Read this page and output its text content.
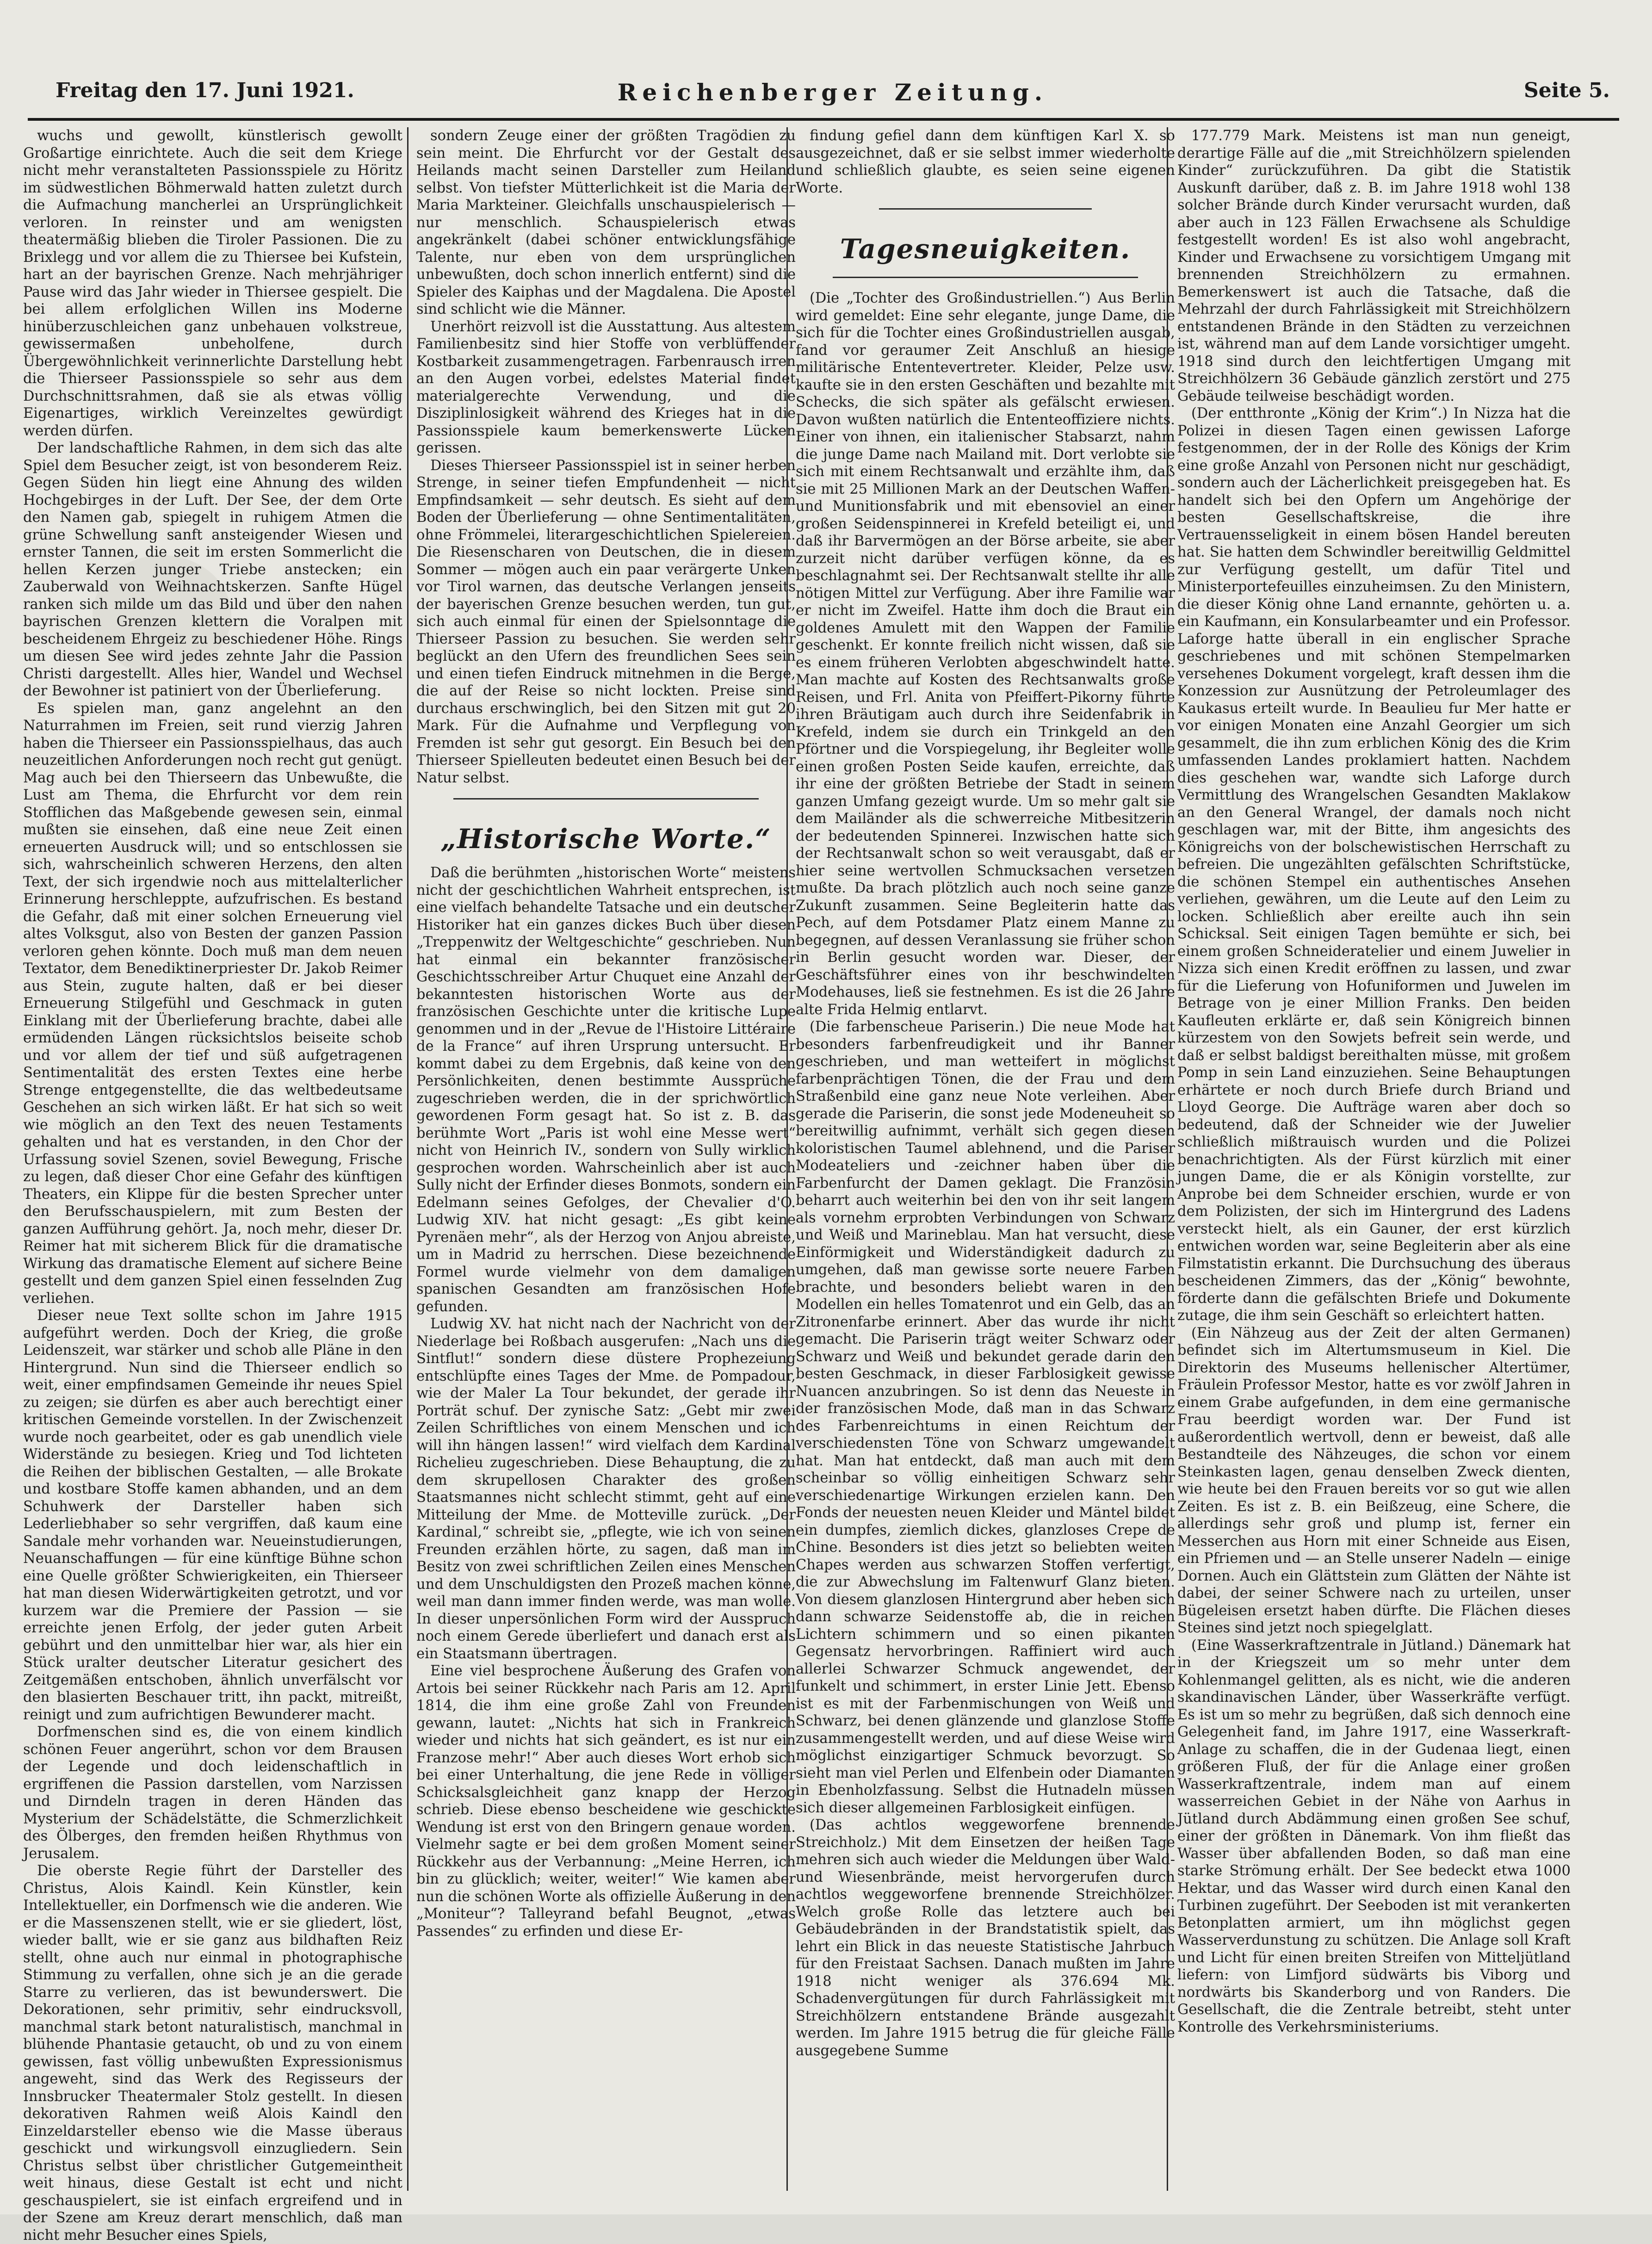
Freitag den 17. Juni 1921.	Reichenberger Zeitung.	Seite 5.

wuchs und gewollt, künstlerisch gewollt Großartige einrichtete. Auch die seit dem Kriege nicht mehr veranstalteten Passionsspiele zu Höritz im südwestlichen Böhmerwald hatten zuletzt durch die Aufmachung mancherlei an Ursprünglichkeit verloren. In reinster und am wenigsten theatermäßig blieben die Tiroler Passionen. Die zu Brixlegg und vor allem die zu Thiersee bei Kufstein, hart an der bayrischen Grenze. Nach mehrjähriger Pause wird das Jahr wieder in Thiersee gespielt. Die bei allem erfolglichen Willen ins Moderne hinüberzuschleichen ganz unbehauen volkstreue, gewissermaßen unbeholfene, durch Übergewöhnlichkeit verinnerlichte Darstellung hebt die Thierseer Passionsspiele so sehr aus dem Durchschnittsrahmen, daß sie als etwas völlig Eigenartiges, wirklich Vereinzeltes gewürdigt werden dürfen.

Der landschaftliche Rahmen, in dem sich das alte Spiel dem Besucher zeigt, ist von besonderem Reiz. Gegen Süden hin liegt eine Ahnung des wilden Hochgebirges in der Luft. Der See, der dem Orte den Namen gab, spiegelt in ruhigem Atmen die grüne Schwellung sanft ansteigender Wiesen und ernster Tannen, die seit im ersten Sommerlicht die hellen Kerzen junger Triebe anstecken; ein Zauberwald von Weihnachtskerzen. Sanfte Hügel ranken sich milde um das Bild und über den nahen bayrischen Grenzen klettern die Voralpen mit bescheidenem Ehrgeiz zu beschiedener Höhe. Rings um diesen See wird jedes zehnte Jahr die Passion Christi dargestellt. Alles hier, Wandel und Wechsel der Bewohner ist patiniert von der Überlieferung.

Es spielen man, ganz angelehnt an den Naturrahmen im Freien, seit rund vierzig Jahren haben die Thierseer ein Passionsspielhaus, das auch neuzeitlichen Anforderungen noch recht gut genügt. Mag auch bei den Thierseern das Unbewußte, die Lust am Thema, die Ehrfurcht vor dem rein Stofflichen das Maßgebende gewesen sein, einmal mußten sie einsehen, daß eine neue Zeit einen erneuerten Ausdruck will; und so entschlossen sie sich, wahrscheinlich schweren Herzens, den alten Text, der sich irgendwie noch aus mittelalterlicher Erinnerung herschleppte, aufzufrischen. Es bestand die Gefahr, daß mit einer solchen Erneuerung viel altes Volksgut, also von Besten der ganzen Passion verloren gehen könnte. Doch muß man dem neuen Textator, dem Benediktinerpriester Dr. Jakob Reimer aus Stein, zugute halten, daß er bei dieser Erneuerung Stilgefühl und Geschmack in guten Einklang mit der Überlieferung brachte, dabei alle ermüdenden Längen rücksichtslos beiseite schob und vor allem der tief und süß aufgetragenen Sentimentalität des ersten Textes eine herbe Strenge entgegenstellte, die das weltbedeutsame Geschehen an sich wirken läßt. Er hat sich so weit wie möglich an den Text des neuen Testaments gehalten und hat es verstanden, in den Chor der Urfassung soviel Szenen, soviel Bewegung, Frische zu legen, daß dieser Chor eine Gefahr des künftigen Theaters, ein Klippe für die besten Sprecher unter den Berufsschauspielern, mit zum Besten der ganzen Aufführung gehört. Ja, noch mehr, dieser Dr. Reimer hat mit sicherem Blick für die dramatische Wirkung das dramatische Element auf sichere Beine gestellt und dem ganzen Spiel einen fesselnden Zug verliehen.

Dieser neue Text sollte schon im Jahre 1915 aufgeführt werden. Doch der Krieg, die große Leidenszeit, war stärker und schob alle Pläne in den Hintergrund. Nun sind die Thierseer endlich so weit, einer empfindsamen Gemeinde ihr neues Spiel zu zeigen; sie dürfen es aber auch berechtigt einer kritischen Gemeinde vorstellen. In der Zwischenzeit wurde noch gearbeitet, oder es gab unendlich viele Widerstände zu besiegen. Krieg und Tod lichteten die Reihen der biblischen Gestalten, — alle Brokate und kostbare Stoffe kamen abhanden, und an dem Schuhwerk der Darsteller haben sich Lederliebhaber so sehr vergriffen, daß kaum eine Sandale mehr vorhanden war. Neueinstudierungen, Neuanschaffungen — für eine künftige Bühne schon eine Quelle größter Schwierigkeiten, ein Thierseer hat man diesen Widerwärtigkeiten getrotzt, und vor kurzem war die Premiere der Passion — sie erreichte jenen Erfolg, der jeder guten Arbeit gebührt und den unmittelbar hier war, als hier ein Stück uralter deutscher Literatur gesichert des Zeitgemäßen entschoben, ähnlich unverfälscht vor den blasierten Beschauer tritt, ihn packt, mitreißt, reinigt und zum aufrichtigen Bewunderer macht.

Dorfmenschen sind es, die von einem kindlich schönen Feuer angerührt, schon vor dem Brausen der Legende und doch leidenschaftlich in ergriffenen die Passion darstellen, vom Narzissen und Dirndeln tragen in deren Händen das Mysterium der Schädelstätte, die Schmerzlichkeit des Ölberges, den fremden heißen Rhythmus von Jerusalem.

Die oberste Regie führt der Darsteller des Christus, Alois Kaindl. Kein Künstler, kein Intellektueller, ein Dorfmensch wie die anderen. Wie er die Massenszenen stellt, wie er sie gliedert, löst, wieder ballt, wie er sie ganz aus bildhaften Reiz stellt, ohne auch nur einmal in photographische Stimmung zu verfallen, ohne sich je an die gerade Starre zu verlieren, das ist bewunderswert. Die Dekorationen, sehr primitiv, sehr eindrucksvoll, manchmal stark betont naturalistisch, manchmal in blühende Phantasie getaucht, ob und zu von einem gewissen, fast völlig unbewußten Expressionismus angeweht, sind das Werk des Regisseurs der Innsbrucker Theatermaler Stolz gestellt. In diesen dekorativen Rahmen weiß Alois Kaindl den Einzeldarsteller ebenso wie die Masse überaus geschickt und wirkungsvoll einzugliedern. Sein Christus selbst über christlicher Gutgemeintheit weit hinaus, diese Gestalt ist echt und nicht geschauspielert, sie ist einfach ergreifend und in der Szene am Kreuz derart menschlich, daß man nicht mehr Besucher eines Spiels,

sondern Zeuge einer der größten Tragödien zu sein meint. Die Ehrfurcht vor der Gestalt des Heilands macht seinen Darsteller zum Heiland selbst. Von tiefster Mütterlichkeit ist die Maria der Maria Markteiner. Gleichfalls unschauspielerisch — nur menschlich. Schauspielerisch etwas angekränkelt (dabei schöner entwicklungsfähige Talente, nur eben von dem ursprünglichen unbewußten, doch schon innerlich entfernt) sind die Spieler des Kaiphas und der Magdalena. Die Apostel sind schlicht wie die Männer.

Unerhört reizvoll ist die Ausstattung. Aus altestem Familienbesitz sind hier Stoffe von verblüffender Kostbarkeit zusammengetragen. Farbenrausch irren an den Augen vorbei, edelstes Material findet materialgerechte Verwendung, und die Disziplinlosigkeit während des Krieges hat in die Passionsspiele kaum bemerkenswerte Lücken gerissen.

Dieses Thierseer Passionsspiel ist in seiner herben Strenge, in seiner tiefen Empfundenheit — nicht Empfindsamkeit — sehr deutsch. Es sieht auf dem Boden der Überlieferung — ohne Sentimentalitäten, ohne Frömmelei, literargeschichtlichen Spielereien. Die Riesenscharen von Deutschen, die in diesem Sommer — mögen auch ein paar verärgerte Unken vor Tirol warnen, das deutsche Verlangen jenseits der bayerischen Grenze besuchen werden, tun gut, sich auch einmal für einen der Spielsonntage die Thierseer Passion zu besuchen. Sie werden sehr beglückt an den Ufern des freundlichen Sees sein und einen tiefen Eindruck mitnehmen in die Berge, die auf der Reise so nicht lockten. Preise sind durchaus erschwinglich, bei den Sitzen mit gut 20 Mark. Für die Aufnahme und Verpflegung von Fremden ist sehr gut gesorgt. Ein Besuch bei den Thierseer Spielleuten bedeutet einen Besuch bei der Natur selbst.

„Historische Worte.“

Daß die berühmten „historischen Worte“ meistens nicht der geschichtlichen Wahrheit entsprechen, ist eine vielfach behandelte Tatsache und ein deutscher Historiker hat ein ganzes dickes Buch über diesen „Treppenwitz der Weltgeschichte“ geschrieben. Nun hat einmal ein bekannter französischer Geschichtsschreiber Artur Chuquet eine Anzahl der bekanntesten historischen Worte aus der französischen Geschichte unter die kritische Lupe genommen und in der „Revue de l'Histoire Littéraire de la France“ auf ihren Ursprung untersucht. Er kommt dabei zu dem Ergebnis, daß keine von den Persönlichkeiten, denen bestimmte Aussprüche zugeschrieben werden, die in der sprichwörtlich gewordenen Form gesagt hat. So ist z. B. das berühmte Wort „Paris ist wohl eine Messe wert“ nicht von Heinrich IV., sondern von Sully wirklich gesprochen worden. Wahrscheinlich aber ist auch Sully nicht der Erfinder dieses Bonmots, sondern ein Edelmann seines Gefolges, der Chevalier d'O. Ludwig XIV. hat nicht gesagt: „Es gibt keine Pyrenäen mehr“, als der Herzog von Anjou abreiste, um in Madrid zu herrschen. Diese bezeichnende Formel wurde vielmehr von dem damaligen spanischen Gesandten am französischen Hofe gefunden.

Ludwig XV. hat nicht nach der Nachricht von der Niederlage bei Roßbach ausgerufen: „Nach uns die Sintflut!“ sondern diese düstere Prophezeiung entschlüpfte eines Tages der Mme. de Pompadour, wie der Maler La Tour bekundet, der gerade ihr Porträt schuf. Der zynische Satz: „Gebt mir zwei Zeilen Schriftliches von einem Menschen und ich will ihn hängen lassen!“ wird vielfach dem Kardinal Richelieu zugeschrieben. Diese Behauptung, die zu dem skrupellosen Charakter des großen Staatsmannes nicht schlecht stimmt, geht auf eine Mitteilung der Mme. de Motteville zurück. „Der Kardinal,“ schreibt sie, „pflegte, wie ich von seinen Freunden erzählen hörte, zu sagen, daß man im Besitz von zwei schriftlichen Zeilen eines Menschen und dem Unschuldigsten den Prozeß machen könne, weil man dann immer finden werde, was man wolle. In dieser unpersönlichen Form wird der Ausspruch noch einem Gerede überliefert und danach erst als ein Staatsmann übertragen.

Eine viel besprochene Äußerung des Grafen von Artois bei seiner Rückkehr nach Paris am 12. April 1814, die ihm eine große Zahl von Freunden gewann, lautet: „Nichts hat sich in Frankreich wieder und nichts hat sich geändert, es ist nur ein Franzose mehr!“ Aber auch dieses Wort erhob sich bei einer Unterhaltung, die jene Rede in völliger Schicksalsgleichheit ganz knapp der Herzog schrieb. Diese ebenso bescheidene wie geschickte Wendung ist erst von den Bringern genaue worden. Vielmehr sagte er bei dem großen Moment seiner Rückkehr aus der Verbannung: „Meine Herren, ich bin zu glücklich; weiter, weiter!“ Wie kamen aber nun die schönen Worte als offizielle Äußerung in den „Moniteur“? Talleyrand befahl Beugnot, „etwas Passendes“ zu erfinden und diese Er-

findung gefiel dann dem künftigen Karl X. so ausgezeichnet, daß er sie selbst immer wiederholte und schließlich glaubte, es seien seine eigenen Worte.

Tagesneuigkeiten.

(Die „Tochter des Großindustriellen.“) Aus Berlin wird gemeldet: Eine sehr elegante, junge Dame, die sich für die Tochter eines Großindustriellen ausgab, fand vor geraumer Zeit Anschluß an hiesige militärische Ententevertreter. Kleider, Pelze usw. kaufte sie in den ersten Geschäften und bezahlte mit Schecks, die sich später als gefälscht erwiesen. Davon wußten natürlich die Ententeoffiziere nichts. Einer von ihnen, ein italienischer Stabsarzt, nahm die junge Dame nach Mailand mit. Dort verlobte sie sich mit einem Rechtsanwalt und erzählte ihm, daß sie mit 25 Millionen Mark an der Deutschen Waffen- und Munitionsfabrik und mit ebensoviel an einer großen Seidenspinnerei in Krefeld beteiligt ei, und daß ihr Barvermögen an der Börse arbeite, sie aber zurzeit nicht darüber verfügen könne, da es beschlagnahmt sei. Der Rechtsanwalt stellte ihr alle nötigen Mittel zur Verfügung. Aber ihre Familie war er nicht im Zweifel. Hatte ihm doch die Braut ein goldenes Amulett mit den Wappen der Familie geschenkt. Er konnte freilich nicht wissen, daß sie es einem früheren Verlobten abgeschwindelt hatte. Man machte auf Kosten des Rechtsanwalts große Reisen, und Frl. Anita von Pfeiffert-Pikorny führte ihren Bräutigam auch durch ihre Seidenfabrik in Krefeld, indem sie durch ein Trinkgeld an den Pförtner und die Vorspiegelung, ihr Begleiter wolle einen großen Posten Seide kaufen, erreichte, daß ihr eine der größten Betriebe der Stadt in seinem ganzen Umfang gezeigt wurde. Um so mehr galt sie dem Mailänder als die schwerreiche Mitbesitzerin der bedeutenden Spinnerei. Inzwischen hatte sich der Rechtsanwalt schon so weit verausgabt, daß er hier seine wertvollen Schmucksachen versetzen mußte. Da brach plötzlich auch noch seine ganze Zukunft zusammen. Seine Begleiterin hatte das Pech, auf dem Potsdamer Platz einem Manne zu begegnen, auf dessen Veranlassung sie früher schon in Berlin gesucht worden war. Dieser, der Geschäftsführer eines von ihr beschwindelten Modehauses, ließ sie festnehmen. Es ist die 26 Jahre alte Frida Helmig entlarvt.

(Die farbenscheue Pariserin.) Die neue Mode hat besonders farbenfreudigkeit und ihr Banner geschrieben, und man wetteifert in möglichst farbenprächtigen Tönen, die der Frau und dem Straßenbild eine ganz neue Note verleihen. Aber gerade die Pariserin, die sonst jede Modeneuheit so bereitwillig aufnimmt, verhält sich gegen diesen koloristischen Taumel ablehnend, und die Pariser Modeateliers und -zeichner haben über die Farbenfurcht der Damen geklagt. Die Französin beharrt auch weiterhin bei den von ihr seit langem als vornehm erprobten Verbindungen von Schwarz und Weiß und Marineblau. Man hat versucht, diese Einförmigkeit und Widerständigkeit dadurch zu umgehen, daß man gewisse sorte neuere Farben brachte, und besonders beliebt waren in den Modellen ein helles Tomatenrot und ein Gelb, das an Zitronenfarbe erinnert. Aber das wurde ihr nicht gemacht. Die Pariserin trägt weiter Schwarz oder Schwarz und Weiß und bekundet gerade darin den besten Geschmack, in dieser Farblosigkeit gewisse Nuancen anzubringen. So ist denn das Neueste in der französischen Mode, daß man in das Schwarz des Farbenreichtums in einen Reichtum der verschiedensten Töne von Schwarz umgewandelt hat. Man hat entdeckt, daß man auch mit dem scheinbar so völlig einheitigen Schwarz sehr verschiedenartige Wirkungen erzielen kann. Den Fonds der neuesten neuen Kleider und Mäntel bildet ein dumpfes, ziemlich dickes, glanzloses Crepe de Chine. Besonders ist dies jetzt so beliebten weiten Chapes werden aus schwarzen Stoffen verfertigt, die zur Abwechslung im Faltenwurf Glanz bieten. Von diesem glanzlosen Hintergrund aber heben sich dann schwarze Seidenstoffe ab, die in reichen Lichtern schimmern und so einen pikanten Gegensatz hervorbringen. Raffiniert wird auch allerlei Schwarzer Schmuck angewendet, der funkelt und schimmert, in erster Linie Jett. Ebenso ist es mit der Farbenmischungen von Weiß und Schwarz, bei denen glänzende und glanzlose Stoffe zusammengestellt werden, und auf diese Weise wird möglichst einzigartiger Schmuck bevorzugt. So sieht man viel Perlen und Elfenbein oder Diamanten in Ebenholzfassung. Selbst die Hutnadeln müssen sich dieser allgemeinen Farblosigkeit einfügen.

(Das achtlos weggeworfene brennende Streichholz.) Mit dem Einsetzen der heißen Tage mehren sich auch wieder die Meldungen über Wald- und Wiesenbrände, meist hervorgerufen durch achtlos weggeworfene brennende Streichhölzer. Welch große Rolle das letztere auch bei Gebäudebränden in der Brandstatistik spielt, das lehrt ein Blick in das neueste Statistische Jahrbuch für den Freistaat Sachsen. Danach mußten im Jahre 1918 nicht weniger als 376.694 Mk. Schadenvergütungen für durch Fahrlässigkeit mit Streichhölzern entstandene Brände ausgezahlt werden. Im Jahre 1915 betrug die für gleiche Fälle ausgegebene Summe

177.779 Mark. Meistens ist man nun geneigt, derartige Fälle auf die „mit Streichhölzern spielenden Kinder“ zurückzuführen. Da gibt die Statistik Auskunft darüber, daß z. B. im Jahre 1918 wohl 138 solcher Brände durch Kinder verursacht wurden, daß aber auch in 123 Fällen Erwachsene als Schuldige festgestellt worden! Es ist also wohl angebracht, Kinder und Erwachsene zu vorsichtigem Umgang mit brennenden Streichhölzern zu ermahnen. Bemerkenswert ist auch die Tatsache, daß die Mehrzahl der durch Fahrlässigkeit mit Streichhölzern entstandenen Brände in den Städten zu verzeichnen ist, während man auf dem Lande vorsichtiger umgeht. 1918 sind durch den leichtfertigen Umgang mit Streichhölzern 36 Gebäude gänzlich zerstört und 275 Gebäude teilweise beschädigt worden.

(Der entthronte „König der Krim“.) In Nizza hat die Polizei in diesen Tagen einen gewissen Laforge festgenommen, der in der Rolle des Königs der Krim eine große Anzahl von Personen nicht nur geschädigt, sondern auch der Lächerlichkeit preisgegeben hat. Es handelt sich bei den Opfern um Angehörige der besten Gesellschaftskreise, die ihre Vertrauensseligkeit in einem bösen Handel bereuten hat. Sie hatten dem Schwindler bereitwillig Geldmittel zur Verfügung gestellt, um dafür Titel und Ministerportefeuilles einzuheimsen. Zu den Ministern, die dieser König ohne Land ernannte, gehörten u. a. ein Kaufmann, ein Konsularbeamter und ein Professor. Laforge hatte überall in ein englischer Sprache geschriebenes und mit schönen Stempelmarken versehenes Dokument vorgelegt, kraft dessen ihm die Konzession zur Ausnützung der Petroleumlager des Kaukasus erteilt wurde. In Beaulieu fur Mer hatte er vor einigen Monaten eine Anzahl Georgier um sich gesammelt, die ihn zum erblichen König des die Krim umfassenden Landes proklamiert hatten. Nachdem dies geschehen war, wandte sich Laforge durch Vermittlung des Wrangelschen Gesandten Maklakow an den General Wrangel, der damals noch nicht geschlagen war, mit der Bitte, ihm angesichts des Königreichs von der bolschewistischen Herrschaft zu befreien. Die ungezählten gefälschten Schriftstücke, die schönen Stempel ein authentisches Ansehen verliehen, gewähren, um die Leute auf den Leim zu locken. Schließlich aber ereilte auch ihn sein Schicksal. Seit einigen Tagen bemühte er sich, bei einem großen Schneideratelier und einem Juwelier in Nizza sich einen Kredit eröffnen zu lassen, und zwar für die Lieferung von Hofuniformen und Juwelen im Betrage von je einer Million Franks. Den beiden Kaufleuten erklärte er, daß sein Königreich binnen kürzestem von den Sowjets befreit sein werde, und daß er selbst baldigst bereithalten müsse, mit großem Pomp in sein Land einzuziehen. Seine Behauptungen erhärtete er noch durch Briefe durch Briand und Lloyd George. Die Aufträge waren aber doch so bedeutend, daß der Schneider wie der Juwelier schließlich mißtrauisch wurden und die Polizei benachrichtigten. Als der Fürst kürzlich mit einer jungen Dame, die er als Königin vorstellte, zur Anprobe bei dem Schneider erschien, wurde er von dem Polizisten, der sich im Hintergrund des Ladens versteckt hielt, als ein Gauner, der erst kürzlich entwichen worden war, seine Begleiterin aber als eine Filmstatistin erkannt. Die Durchsuchung des überaus bescheidenen Zimmers, das der „König“ bewohnte, förderte dann die gefälschten Briefe und Dokumente zutage, die ihm sein Geschäft so erleichtert hatten.

(Ein Nähzeug aus der Zeit der alten Germanen) befindet sich im Altertumsmuseum in Kiel. Die Direktorin des Museums hellenischer Altertümer, Fräulein Professor Mestor, hatte es vor zwölf Jahren in einem Grabe aufgefunden, in dem eine germanische Frau beerdigt worden war. Der Fund ist außerordentlich wertvoll, denn er beweist, daß alle Bestandteile des Nähzeuges, die schon vor einem Steinkasten lagen, genau denselben Zweck dienten, wie heute bei den Frauen bereits vor so gut wie allen Zeiten. Es ist z. B. ein Beißzeug, eine Schere, die allerdings sehr groß und plump ist, ferner ein Messerchen aus Horn mit einer Schneide aus Eisen, ein Pfriemen und — an Stelle unserer Nadeln — einige Dornen. Auch ein Glättstein zum Glätten der Nähte ist dabei, der seiner Schwere nach zu urteilen, unser Bügeleisen ersetzt haben dürfte. Die Flächen dieses Steines sind jetzt noch spiegelglatt.

(Eine Wasserkraftzentrale in Jütland.) Dänemark hat in der Kriegszeit um so mehr unter dem Kohlenmangel gelitten, als es nicht, wie die anderen skandinavischen Länder, über Wasserkräfte verfügt. Es ist um so mehr zu begrüßen, daß sich dennoch eine Gelegenheit fand, im Jahre 1917, eine Wasserkraft-Anlage zu schaffen, die in der Gudenaa liegt, einen größeren Fluß, der für die Anlage einer großen Wasserkraftzentrale, indem man auf einem wasserreichen Gebiet in der Nähe von Aarhus in Jütland durch Abdämmung einen großen See schuf, einer der größten in Dänemark. Von ihm fließt das Wasser über abfallenden Boden, so daß man eine starke Strömung erhält. Der See bedeckt etwa 1000 Hektar, und das Wasser wird durch einen Kanal den Turbinen zugeführt. Der Seeboden ist mit verankerten Betonplatten armiert, um ihn möglichst gegen Wasserverdunstung zu schützen. Die Anlage soll Kraft und Licht für einen breiten Streifen von Mitteljütland liefern: von Limfjord südwärts bis Viborg und nordwärts bis Skanderborg und von Randers. Die Gesellschaft, die die Zentrale betreibt, steht unter Kontrolle des Verkehrsministeriums.
